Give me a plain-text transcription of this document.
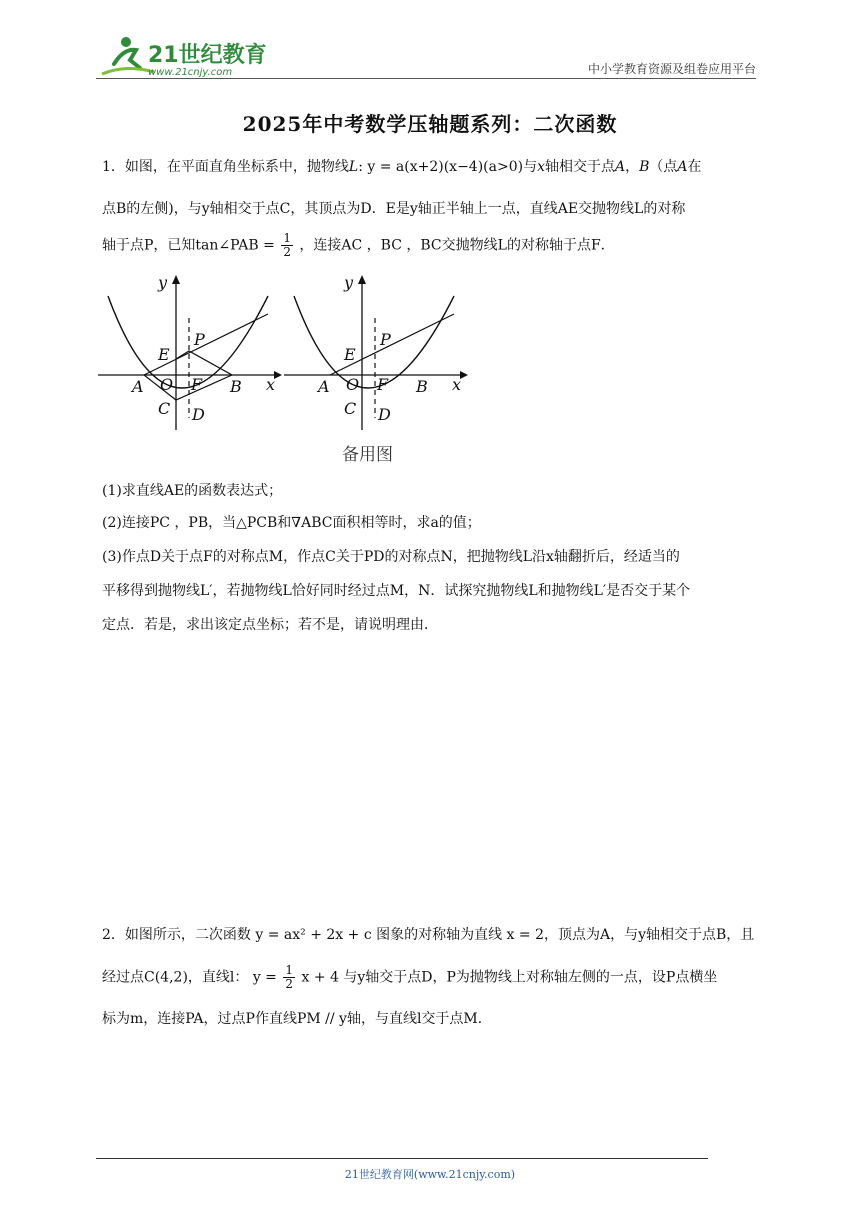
21世纪教育
www.21cnjy.com	中小学教育资源及组卷应用平台
2025年中考数学压轴题系列：二次函数
1．如图，在平面直角坐标系中，抛物线L: y = a(x+2)(x−4)(a>0)与x轴相交于点A，B（点A在
点B的左侧)，与y轴相交于点C，其顶点为D．E是y轴正半轴上一点，直线AE交抛物线L的对称
轴于点P，已知tan∠PAB = $\frac{1}{2}$ ，连接AC ，BC ，BC交抛物线L的对称轴于点F．
y
x
E
P
A O F B
C D
y
x
E
P
A O F B
C D
备用图
(1)求直线AE的函数表达式；
(2)连接PC ，PB，当△PCB和∇ABC面积相等时，求a的值；
(3)作点D关于点F的对称点M，作点C关于PD的对称点N，把抛物线L沿x轴翻折后，经适当的
平移得到抛物线L′，若抛物线L恰好同时经过点M，N．试探究抛物线L和抛物线L′是否交于某个
定点．若是，求出该定点坐标；若不是，请说明理由．
2．如图所示，二次函数 y = ax² + 2x + c 图象的对称轴为直线 x = 2，顶点为A，与y轴相交于点B，且
经过点C(4,2)，直线l： $y = \frac{1}{2}$ x + 4 与y轴交于点D，P为抛物线上对称轴左侧的一点，设P点横坐
标为m，连接PA，过点P作直线PM // y轴，与直线l交于点M．
21世纪教育网(www.21cnjy.com)
